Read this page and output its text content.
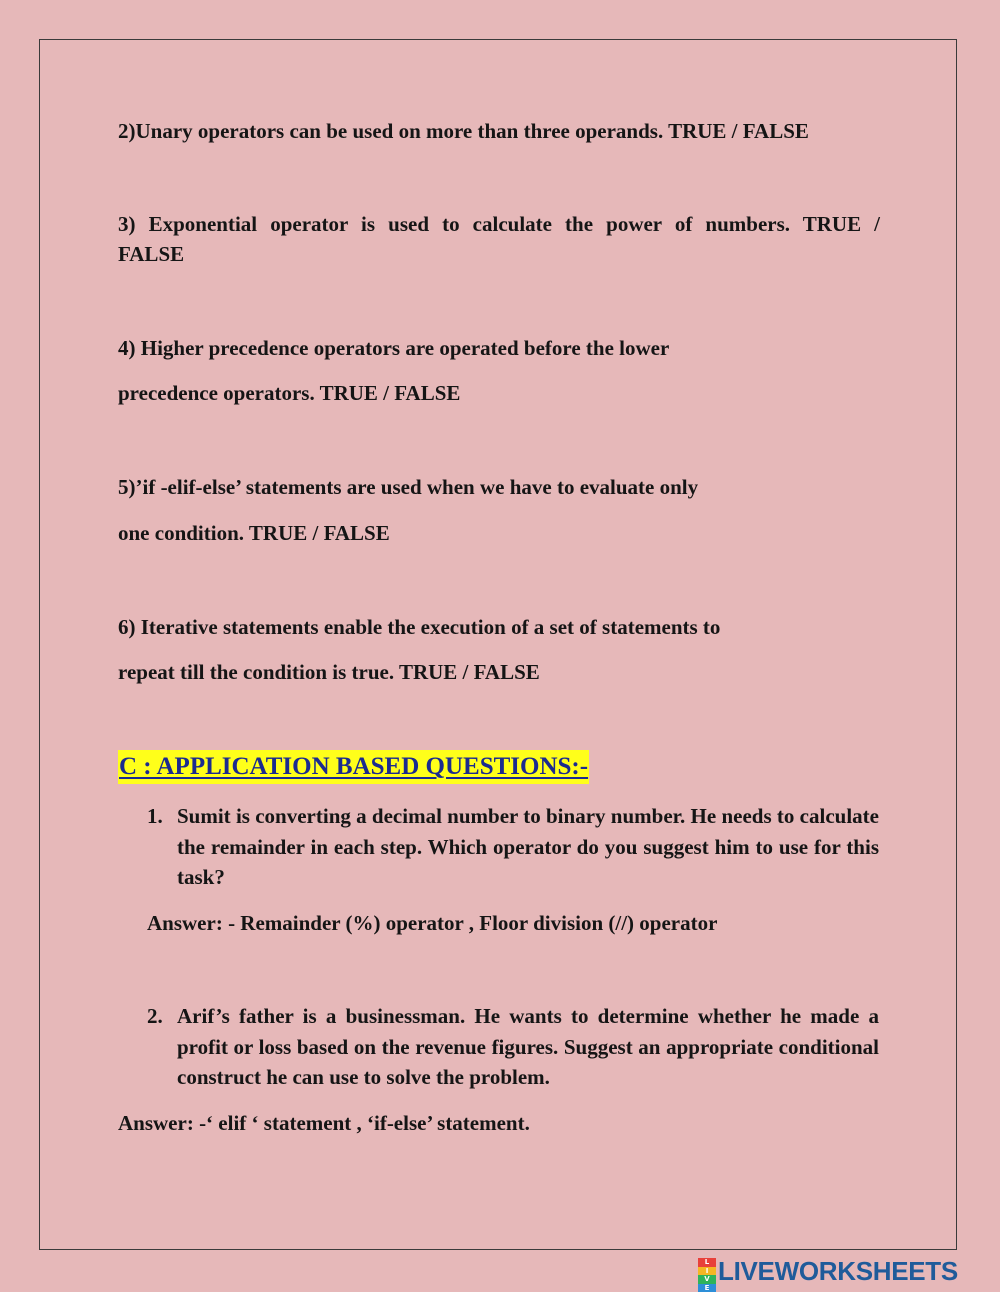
2)Unary operators can be used on more than three operands. TRUE / FALSE
3) Exponential operator is used to calculate the power of numbers. TRUE /
FALSE
4) Higher precedence operators are operated before the lower
precedence operators. TRUE / FALSE
5)’if -elif-else’ statements are used when we have to evaluate only
one condition. TRUE / FALSE
6) Iterative statements enable the execution of a set of statements to
repeat till the condition is true. TRUE / FALSE
C : APPLICATION BASED QUESTIONS:-
1. Sumit is converting a decimal number to binary number. He needs to calculate the remainder in each step. Which operator do you suggest him to use for this task?
Answer: - Remainder (%) operator , Floor division (//) operator
2. Arif’s father is a businessman. He wants to determine whether he made a profit or loss based on the revenue figures. Suggest an appropriate conditional construct he can use to solve the problem.
Answer: -‘ elif ‘ statement , ‘if-else’ statement.
L
I
V
E
LIVEWORKSHEETS
